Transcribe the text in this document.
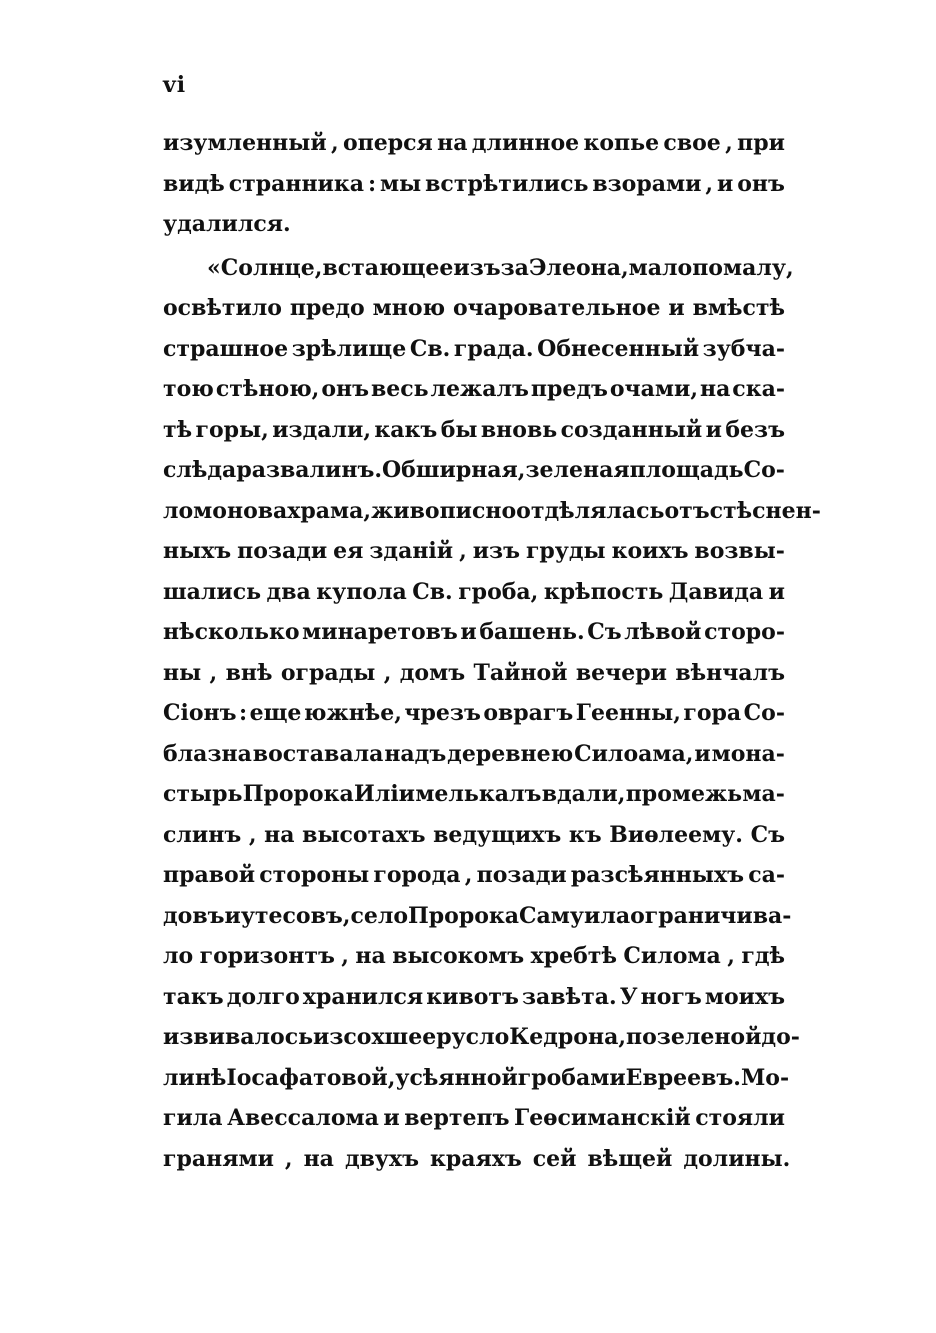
vi
изумленный , оперся на длинное копье свое , при
видѣ странника : мы встрѣтились взорами , и онъ
удалился.
«Солнце, встающее изъ за Элеона, мало по малу,
освѣтило предо мною очаровательное и вмѣстѣ
страшное зрѣлище Св. града. Обнесенный зубча-
тою стѣною, онъ весь лежалъ предъ очами, на ска-
тѣ горы, издали, какъ бы вновь созданный и безъ
слѣда развалинъ. Обширная, зеленая площадь Со-
ломонова храма, живописно отдѣлялась отъ стѣснен-
ныхъ позади ея зданій , изъ груды коихъ возвы-
шались два купола Св. гроба, крѣпость Давида и
нѣсколько минаретовъ и башень. Съ лѣвой сторо-
ны , внѣ ограды , домъ Тайной вечери вѣнчалъ
Сіонъ : еще южнѣе, чрезъ оврагъ Геенны, гора Со-
блазна воставала надъ деревнею Силоама, и мона-
стырь Пророка Иліи мелькалъ вдали, промежь ма-
слинъ , на высотахъ ведущихъ къ Виѳлеему. Съ
правой стороны города , позади разсѣянныхъ са-
довъ и утесовъ, село Пророка Самуила ограничива-
ло горизонтъ , на высокомъ хребтѣ Силома , гдѣ
такъ долго хранился кивотъ завѣта. У ногъ моихъ
извивалось изсохшее русло Кедрона, по зеленой до-
линѣ Іосафатовой, усѣянной гробами Евреевъ. Мо-
гила Авессалома и вертепъ Геѳсиманскій стояли
гранями , на двухъ краяхъ сей вѣщей долины.
